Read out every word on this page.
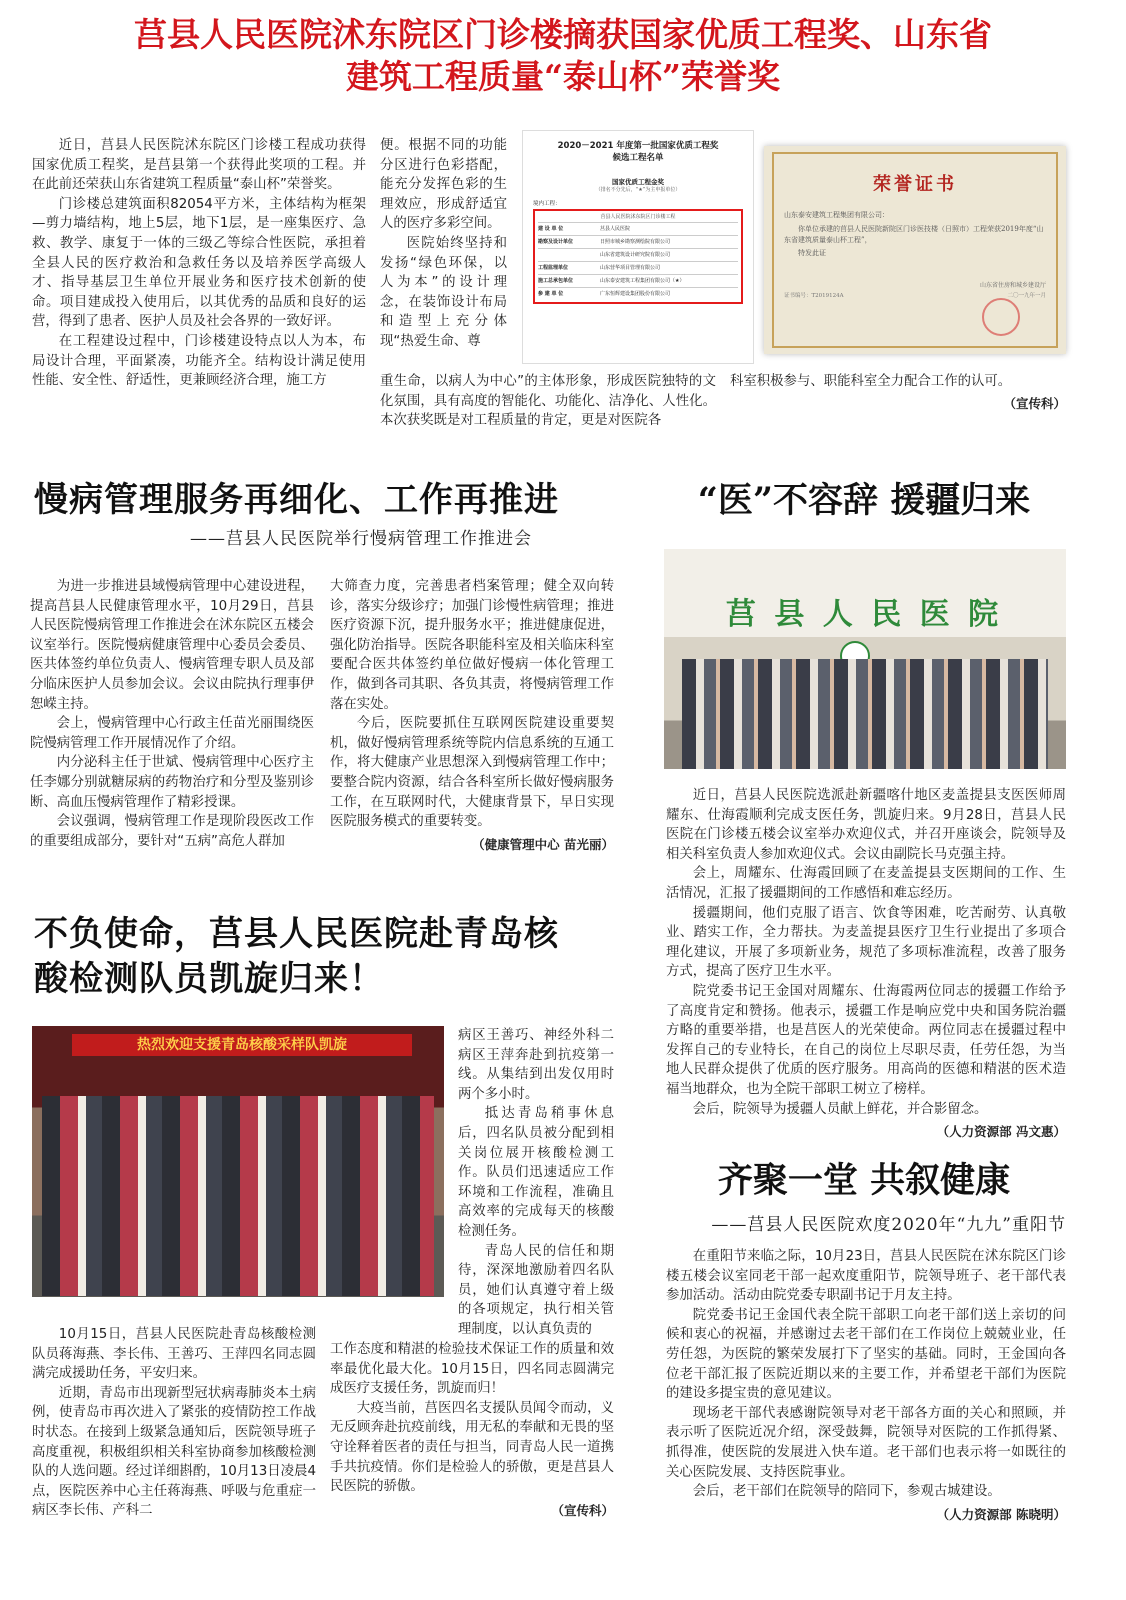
莒县人民医院沭东院区门诊楼摘获国家优质工程奖、山东省
建筑工程质量“泰山杯”荣誉奖

近日，莒县人民医院沭东院区门诊楼工程成功获得国家优质工程奖，是莒县第一个获得此奖项的工程。并在此前还荣获山东省建筑工程质量“泰山杯”荣誉奖。

门诊楼总建筑面积82054平方米，主体结构为框架—剪力墙结构，地上5层，地下1层，是一座集医疗、急救、教学、康复于一体的三级乙等综合性医院，承担着全县人民的医疗救治和急救任务以及培养医学高级人才、指导基层卫生单位开展业务和医疗技术创新的使命。项目建成投入使用后，以其优秀的品质和良好的运营，得到了患者、医护人员及社会各界的一致好评。

在工程建设过程中，门诊楼建设特点以人为本，布局设计合理，平面紧凑，功能齐全。结构设计满足使用性能、安全性、舒适性，更兼顾经济合理，施工方

便。根据不同的功能分区进行色彩搭配，能充分发挥色彩的生理效应，形成舒适宜人的医疗多彩空间。

医院始终坚持和发扬“绿色环保，以人为本”的设计理念，在装饰设计布局和造型上充分体现“热爱生命、尊

重生命，以病人为中心”的主体形象，形成医院独特的文化氛围，具有高度的智能化、功能化、洁净化、人性化。本次获奖既是对工程质量的肯定，更是对医院各

科室积极参与、职能科室全力配合工作的认可。

（宣传科）
2020－2021 年度第一批国家优质工程奖
候选工程名单
国家优质工程金奖
（排名不分先后，“★”为主申报单位）
境内工程：
莒县人民医院沭东院区门诊楼工程
建 设 单 位	莒县人民医院
勘察及设计单位	日照市城乡勘察测绘院有限公司
山东省建筑设计研究院有限公司
工程监理单位	山东营华项目管理有限公司
施工总承包单位	山东泰安建筑工程集团有限公司（★）
参 建 单 位	广东恒辉建设集团股份有限公司
荣誉证书
山东泰安建筑工程集团有限公司：
你单位承建的莒县人民医院新院区门诊医技楼（日照市）工程荣获2019年度“山东省建筑质量泰山杯工程”，
特发此证
山东省住房和城乡建设厅
证书编号：T2019124A	二〇一九年一月
慢病管理服务再细化、工作再推进
——莒县人民医院举行慢病管理工作推进会

为进一步推进县域慢病管理中心建设进程，提高莒县人民健康管理水平，10月29日，莒县人民医院慢病管理工作推进会在沭东院区五楼会议室举行。医院慢病健康管理中心委员会委员、医共体签约单位负责人、慢病管理专职人员及部分临床医护人员参加会议。会议由院执行理事伊恕嵘主持。

会上，慢病管理中心行政主任苗光丽围绕医院慢病管理工作开展情况作了介绍。

内分泌科主任于世斌、慢病管理中心医疗主任李娜分别就糖尿病的药物治疗和分型及鉴别诊断、高血压慢病管理作了精彩授课。

会议强调，慢病管理工作是现阶段医改工作的重要组成部分，要针对“五病”高危人群加

大筛查力度，完善患者档案管理；健全双向转诊，落实分级诊疗；加强门诊慢性病管理；推进医疗资源下沉，提升服务水平；推进健康促进，强化防治指导。医院各职能科室及相关临床科室要配合医共体签约单位做好慢病一体化管理工作，做到各司其职、各负其责，将慢病管理工作落在实处。

今后，医院要抓住互联网医院建设重要契机，做好慢病管理系统等院内信息系统的互通工作，将大健康产业思想深入到慢病管理工作中；要整合院内资源，结合各科室所长做好慢病服务工作，在互联网时代，大健康背景下，早日实现医院服务模式的重要转变。

（健康管理中心 苗光丽）
“医”不容辞 援疆归来
莒 县 人 民 医 院

近日，莒县人民医院选派赴新疆喀什地区麦盖提县支医医师周耀东、仕海霞顺利完成支医任务，凯旋归来。9月28日，莒县人民医院在门诊楼五楼会议室举办欢迎仪式，并召开座谈会，院领导及相关科室负责人参加欢迎仪式。会议由副院长马克强主持。

会上，周耀东、仕海霞回顾了在麦盖提县支医期间的工作、生活情况，汇报了援疆期间的工作感悟和难忘经历。

援疆期间，他们克服了语言、饮食等困难，吃苦耐劳、认真敬业、踏实工作，全力帮扶。为麦盖提县医疗卫生行业提出了多项合理化建议，开展了多项新业务，规范了多项标准流程，改善了服务方式，提高了医疗卫生水平。

院党委书记王金国对周耀东、仕海霞两位同志的援疆工作给予了高度肯定和赞扬。他表示，援疆工作是响应党中央和国务院治疆方略的重要举措，也是莒医人的光荣使命。两位同志在援疆过程中发挥自己的专业特长，在自己的岗位上尽职尽责，任劳任怨，为当地人民群众提供了优质的医疗服务。用高尚的医德和精湛的医术造福当地群众，也为全院干部职工树立了榜样。

会后，院领导为援疆人员献上鲜花，并合影留念。

（人力资源部 冯文惠）
不负使命，莒县人民医院赴青岛核
酸检测队员凯旋归来！
热烈欢迎支援青岛核酸采样队凯旋

10月15日，莒县人民医院赴青岛核酸检测队员蒋海燕、李长伟、王善巧、王萍四名同志圆满完成援助任务，平安归来。

近期，青岛市出现新型冠状病毒肺炎本土病例，使青岛市再次进入了紧张的疫情防控工作战时状态。在接到上级紧急通知后，医院领导班子高度重视，积极组织相关科室协商参加核酸检测队的人选问题。经过详细斟酌，10月13日凌晨4点，医院医养中心主任蒋海燕、呼吸与危重症一病区李长伟、产科二

病区王善巧、神经外科二病区王萍奔赴到抗疫第一线。从集结到出发仅用时两个多小时。

抵达青岛稍事休息后，四名队员被分配到相关岗位展开核酸检测工作。队员们迅速适应工作环境和工作流程，准确且高效率的完成每天的核酸检测任务。

青岛人民的信任和期待，深深地激励着四名队员，她们认真遵守着上级的各项规定，执行相关管理制度，以认真负责的

工作态度和精湛的检验技术保证工作的质量和效率最优化最大化。10月15日，四名同志圆满完成医疗支援任务，凯旋而归！

大疫当前，莒医四名支援队员闻令而动，义无反顾奔赴抗疫前线，用无私的奉献和无畏的坚守诠释着医者的责任与担当，同青岛人民一道携手共抗疫情。你们是检验人的骄傲，更是莒县人民医院的骄傲。

（宣传科）
齐聚一堂 共叙健康
——莒县人民医院欢度2020年“九九”重阳节

在重阳节来临之际，10月23日，莒县人民医院在沭东院区门诊楼五楼会议室同老干部一起欢度重阳节，院领导班子、老干部代表参加活动。活动由院党委专职副书记于月友主持。

院党委书记王金国代表全院干部职工向老干部们送上亲切的问候和衷心的祝福，并感谢过去老干部们在工作岗位上兢兢业业，任劳任怨，为医院的繁荣发展打下了坚实的基础。同时，王金国向各位老干部汇报了医院近期以来的主要工作，并希望老干部们为医院的建设多提宝贵的意见建议。

现场老干部代表感谢院领导对老干部各方面的关心和照顾，并表示听了医院近况介绍，深受鼓舞，院领导对医院的工作抓得紧、抓得准，使医院的发展进入快车道。老干部们也表示将一如既往的关心医院发展、支持医院事业。

会后，老干部们在院领导的陪同下，参观古城建设。

（人力资源部 陈晓明）
